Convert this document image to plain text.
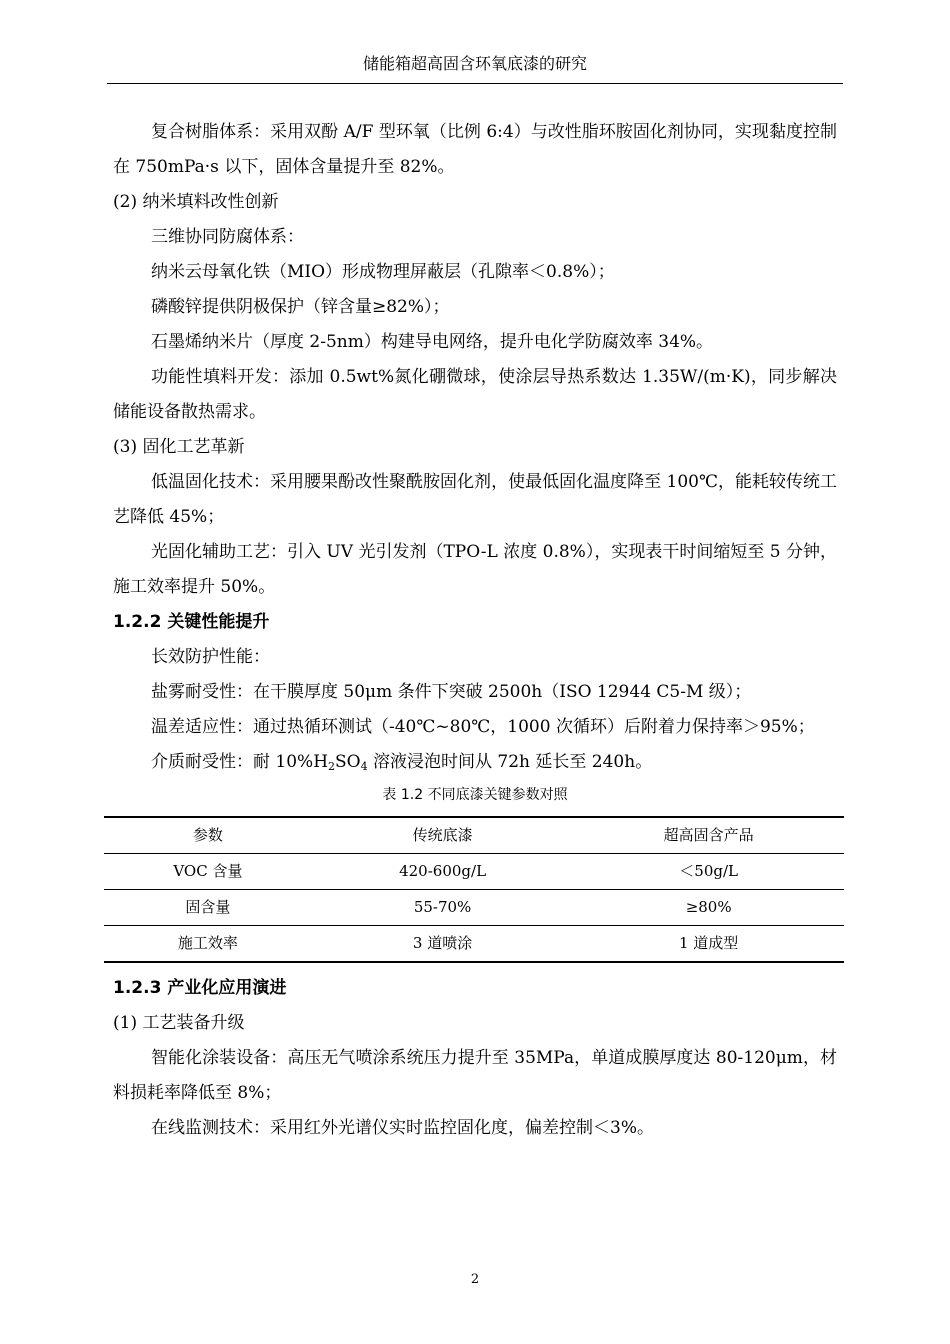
储能箱超高固含环氧底漆的研究

复合树脂体系：采用双酚 A/F 型环氧（比例 6:4）与改性脂环胺固化剂协同，实现黏度控制在 750mPa·s 以下，固体含量提升至 82%。

(2) 纳米填料改性创新

三维协同防腐体系：

纳米云母氧化铁（MIO）形成物理屏蔽层（孔隙率＜0.8%）；

磷酸锌提供阴极保护（锌含量≥82%）；

石墨烯纳米片（厚度 2-5nm）构建导电网络，提升电化学防腐效率 34%。

功能性填料开发：添加 0.5wt%氮化硼微球，使涂层导热系数达 1.35W/(m·K)，同步解决储能设备散热需求。

(3) 固化工艺革新

低温固化技术：采用腰果酚改性聚酰胺固化剂，使最低固化温度降至 100℃，能耗较传统工艺降低 45%；

光固化辅助工艺：引入 UV 光引发剂（TPO-L 浓度 0.8%），实现表干时间缩短至 5 分钟，施工效率提升 50%。

1.2.2 关键性能提升

长效防护性能：

盐雾耐受性：在干膜厚度 50μm 条件下突破 2500h（ISO 12944 C5-M 级）；

温差适应性：通过热循环测试（-40℃~80℃，1000 次循环）后附着力保持率＞95%；

介质耐受性：耐 $10\%H_2SO_4$ 溶液浸泡时间从 72h 延长至 240h。

表 1.2 不同底漆关键参数对照
参数	传统底漆	超高固含产品
VOC 含量	420-600g/L	＜50g/L
固含量	55-70%	≥80%
施工效率	3 道喷涂	1 道成型

1.2.3 产业化应用演进

(1) 工艺装备升级

智能化涂装设备：高压无气喷涂系统压力提升至 35MPa，单道成膜厚度达 80-120μm，材料损耗率降低至 8%；

在线监测技术：采用红外光谱仪实时监控固化度，偏差控制＜3%。

2
